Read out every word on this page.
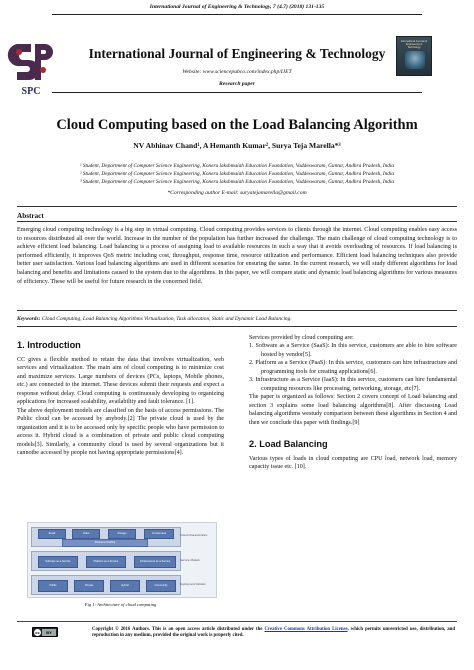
International Journal of Engineering & Technology, 7 (4.7) (2018) 131-135
SPC
International Journal of Engineering & Technology
Website: www.sciencepubco.com/index.php/IJET
Research paper
International Journal of Engineering & Technology
Cloud Computing based on the Load Balancing Algorithm
NV Abhinav Chand¹, A Hemanth Kumar², Surya Teja Marella*³
¹ Student, Department of Computer Science Engineering, Koneru lakshmaiah Education Foundation, Vaddeswaram, Guntur, Andhra Pradesh, India
² Student, Department of Computer Science Engineering, Koneru lakshmaiah Education Foundation, Vaddeswaram, Guntur, Andhra Pradesh, India
³ Student, Department of Computer Science Engineering, Koneru lakshmaiah Education Foundation, Vaddeswaram, Guntur, Andhra Pradesh, India
*Corresponding author E-mail: suryatejamarella@gmail.com
Abstract
Emerging cloud computing technology is a big step in virtual computing. Cloud computing provides services to clients through the internet. Cloud computing enables easy access to resources distributed all over the world. Increase in the number of the population has further increased the challenge. The main challenge of cloud computing technology is to achieve efficient load balancing. Load balancing is a process of assigning load to available resources in such a way that it avoids overloading of resources. If load balancing is performed efficiently, it improves QoS metric including cost, throughput, response time, resource utilization and performance. Efficient load balancing techniques also provide better user satisfaction. Various load balancing algorithms are used in different scenarios for ensuring the same. In the current research, we will study different algorithms for load balancing and benefits and limitations caused to the system due to the algorithms. In this paper, we will compare static and dynamic load balancing algorithms for various measures of efficiency. These will be useful for future research in the concerned field.
Keywords: Cloud Computing, Load Balancing Algorithms Virtualization, Task allocation, Static and Dynamic Load Balancing.
1. Introduction
CC gives a flexible method to retain the data that involves virtualization, web services and virtualization. The main aim of cloud computing is to minimize cost and maximize services. Large numbers of devices (PCs, laptops, Mobile phones, etc.) are connected to the internet. These devices submit their requests and expect a response without delay. Cloud computing is continuously developing to organizing applications for increased scalability, availability and fault tolerance. [1].
The above deployment models are classified on the basis of access permissions. The Public cloud can be accessed by anybody.[2] The private cloud is used by the organization and it is to be accessed only by specific people who have permission to access it. Hybrid cloud is a combination of private and public cloud computing models[3]. Similarly, a community cloud is used by several organizations but it cannotbe accessed by people not having appropriate permissions[4].
Email	Video	Storage	On-Demand
Resource Pooling
Software as a Service	Platform as a Service	Infrastructure as a Service
Public	Private	Hybrid	Community
Cloud Characteristics
Service Models
Deployment Models
Fig 1: Architecture of cloud computing
Services provided by cloud computing are:
1. Software as a Service (SaaS): In this service, customers are able to hire software hosted by vendor[5].
2. Platform as a Service (PaaS): In this service, customers can hire infrastructure and programming tools for creating applications[6].
3. Infrastructure as a Service (IaaS): In this service, customers can hire fundamental computing resources like processing, networking, storage, etc[7].
The paper is organized as follows: Section 2 covers concept of Load balancing and section 3 explains some load balancing algorithms[8]. After discussing Load balancing algorithms westudy comparison between these algorithms in Section 4 and then we conclude this paper with findings.[9]
2. Load Balancing
Various types of loads in cloud computing are CPU load, network load, memory capacity issue etc. [10].
cc	BY	Copyright © 2016 Authors. This is an open access article distributed under the Creative Commons Attribution License, which permits unrestricted use, distribution, and reproduction in any medium, provided the original work is properly cited.
